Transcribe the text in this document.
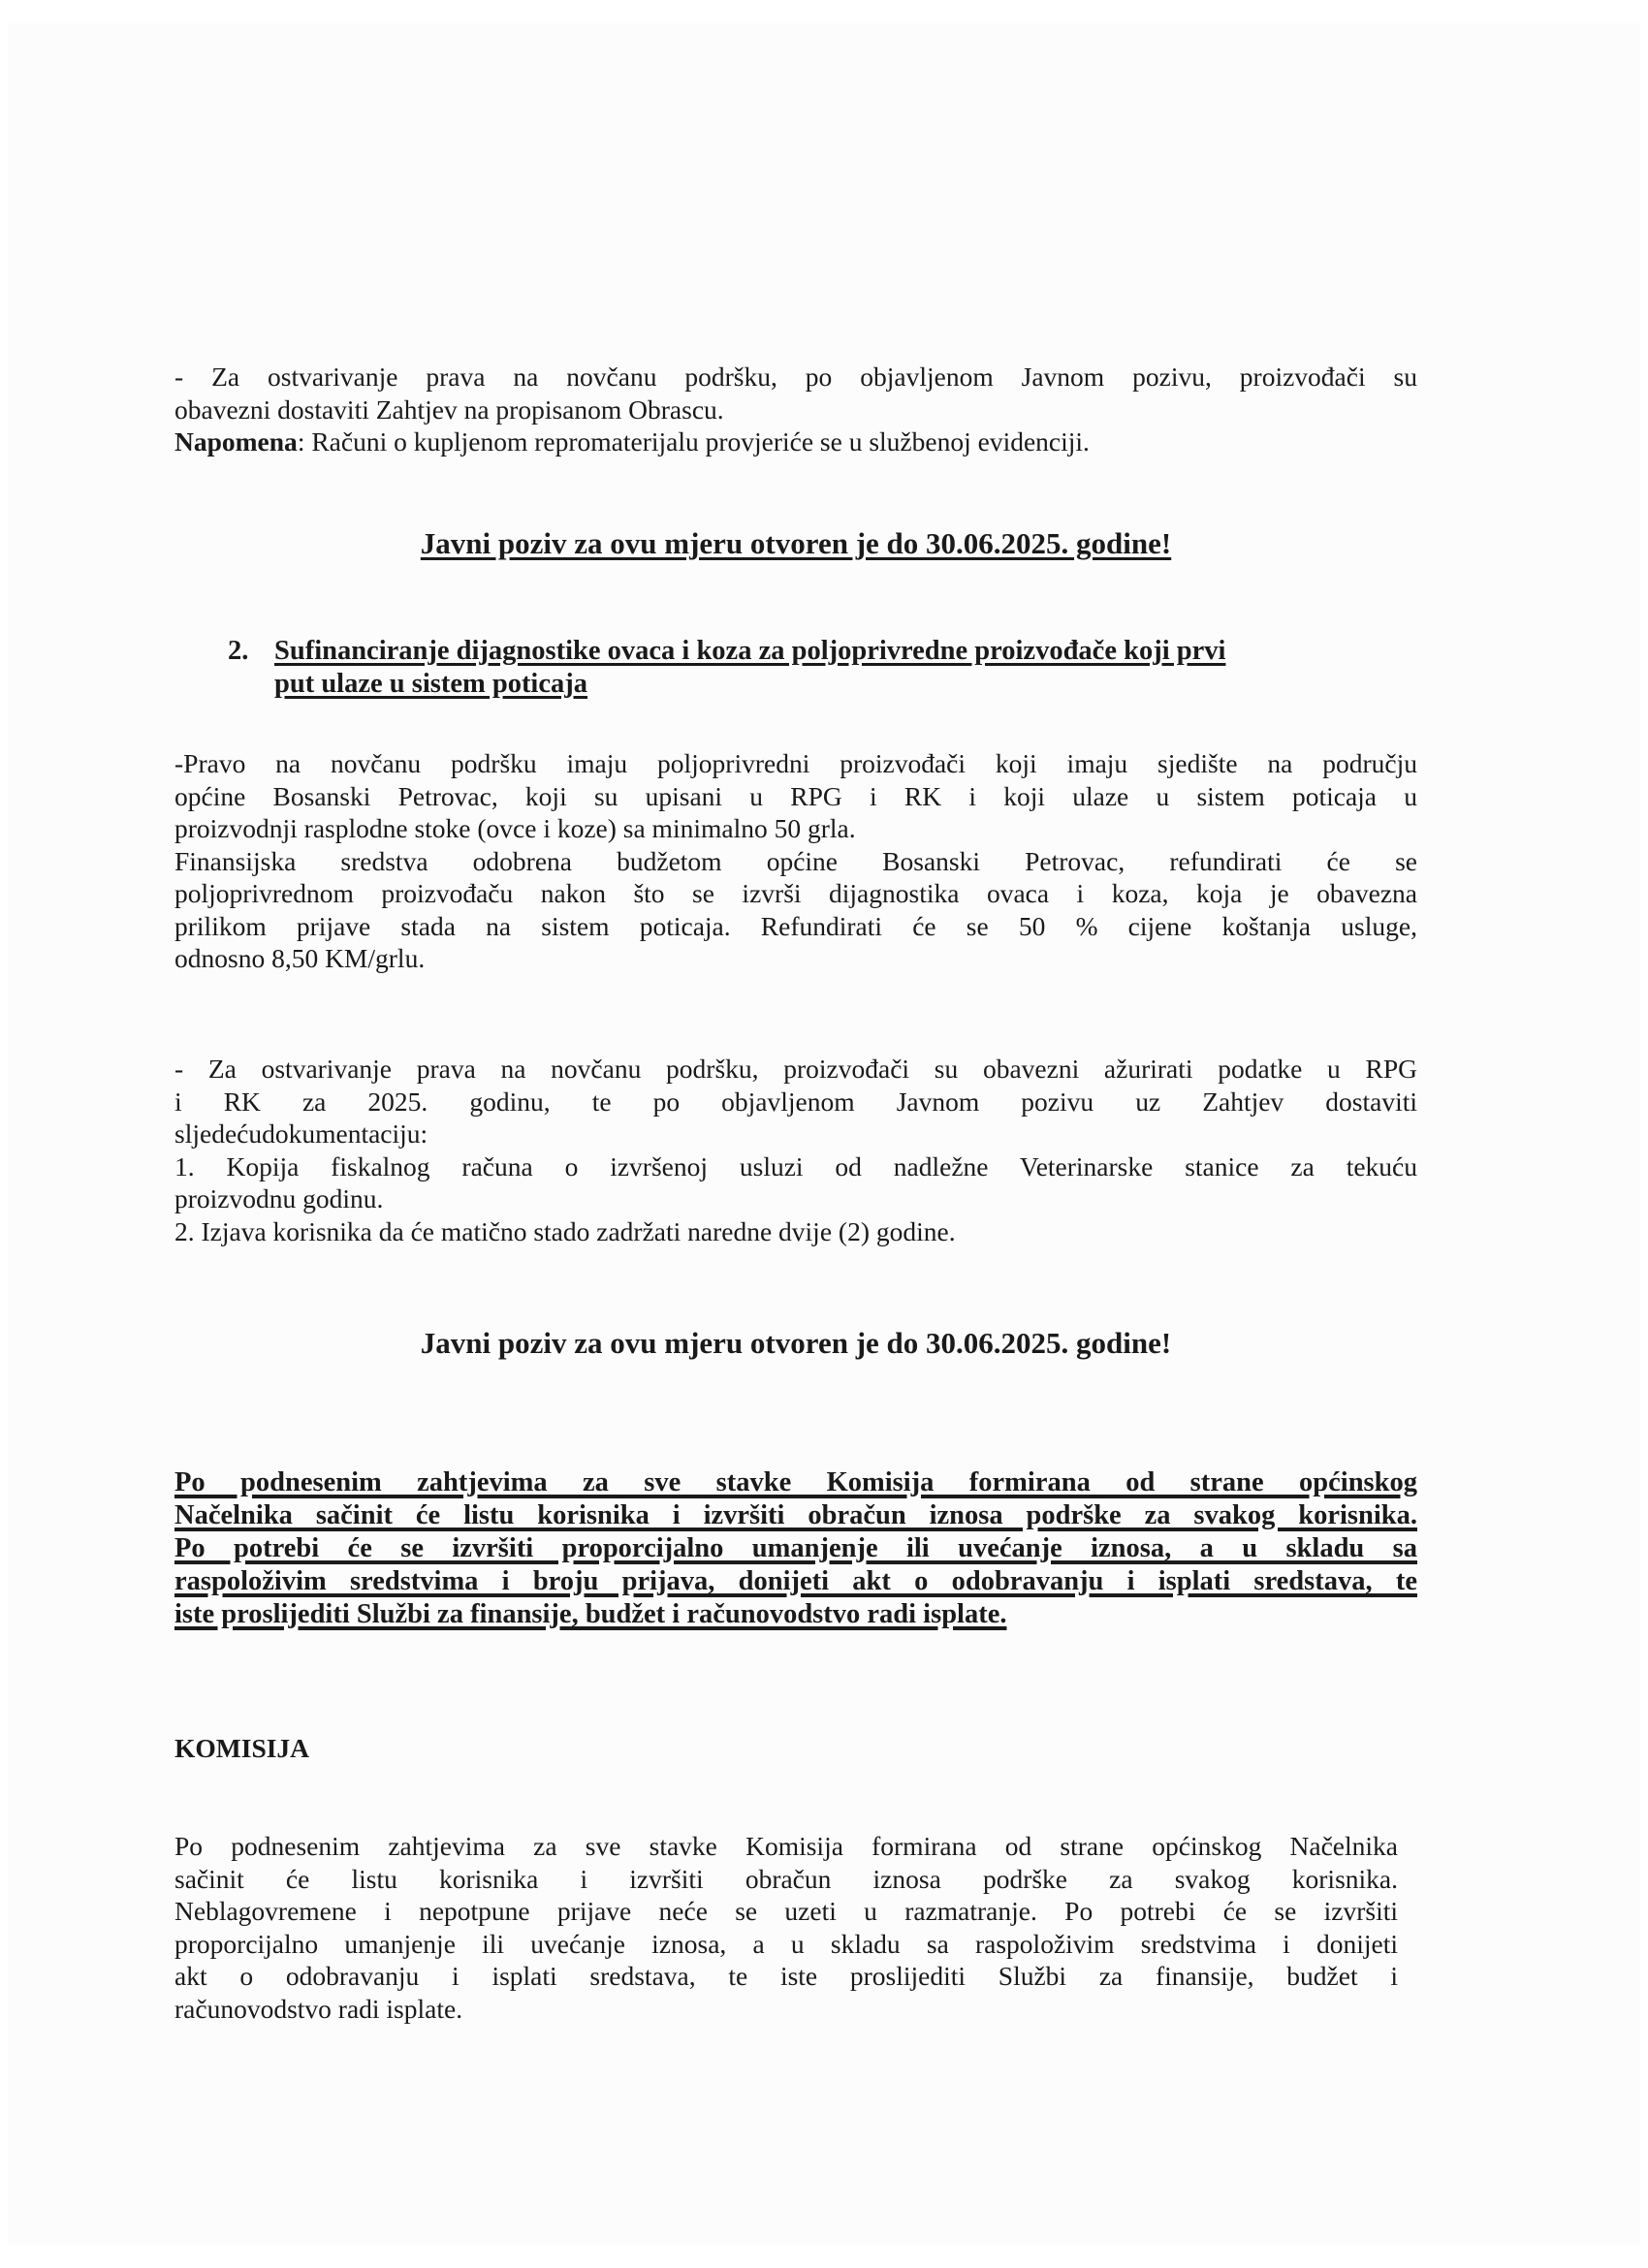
- Za ostvarivanje prava na novčanu podršku, po objavljenom Javnom pozivu, proizvođači su
obavezni dostaviti Zahtjev na propisanom Obrascu.
Napomena: Računi o kupljenom repromaterijalu provjeriće se u službenoj evidenciji.
Javni poziv za ovu mjeru otvoren je do 30.06.2025. godine!
2. Sufinanciranje dijagnostike ovaca i koza za poljoprivredne proizvođače koji prvi
put ulaze u sistem poticaja
-Pravo na novčanu podršku imaju poljoprivredni proizvođači koji imaju sjedište na području
općine Bosanski Petrovac, koji su upisani u RPG i RK i koji ulaze u sistem poticaja u
proizvodnji rasplodne stoke (ovce i koze) sa minimalno 50 grla.
Finansijska sredstva odobrena budžetom općine Bosanski Petrovac, refundirati će se
poljoprivrednom proizvođaču nakon što se izvrši dijagnostika ovaca i koza, koja je obavezna
prilikom prijave stada na sistem poticaja. Refundirati će se 50 % cijene koštanja usluge,
odnosno 8,50 KM/grlu.
- Za ostvarivanje prava na novčanu podršku, proizvođači su obavezni ažurirati podatke u RPG
i RK za 2025. godinu, te po objavljenom Javnom pozivu uz Zahtjev dostaviti
sljedećudokumentaciju:
1. Kopija fiskalnog računa o izvršenoj usluzi od nadležne Veterinarske stanice za tekuću
proizvodnu godinu.
2. Izjava korisnika da će matično stado zadržati naredne dvije (2) godine.
Javni poziv za ovu mjeru otvoren je do 30.06.2025. godine!
Po podnesenim zahtjevima za sve stavke Komisija formirana od strane općinskog
Načelnika sačinit će listu korisnika i izvršiti obračun iznosa podrške za svakog korisnika.
Po potrebi će se izvršiti proporcijalno umanjenje ili uvećanje iznosa, a u skladu sa
raspoloživim sredstvima i broju prijava, donijeti akt o odobravanju i isplati sredstava, te
iste proslijediti Službi za finansije, budžet i računovodstvo radi isplate.
KOMISIJA
Po podnesenim zahtjevima za sve stavke Komisija formirana od strane općinskog Načelnika
sačinit će listu korisnika i izvršiti obračun iznosa podrške za svakog korisnika.
Neblagovremene i nepotpune prijave neće se uzeti u razmatranje. Po potrebi će se izvršiti
proporcijalno umanjenje ili uvećanje iznosa, a u skladu sa raspoloživim sredstvima i donijeti
akt o odobravanju i isplati sredstava, te iste proslijediti Službi za finansije, budžet i
računovodstvo radi isplate.
